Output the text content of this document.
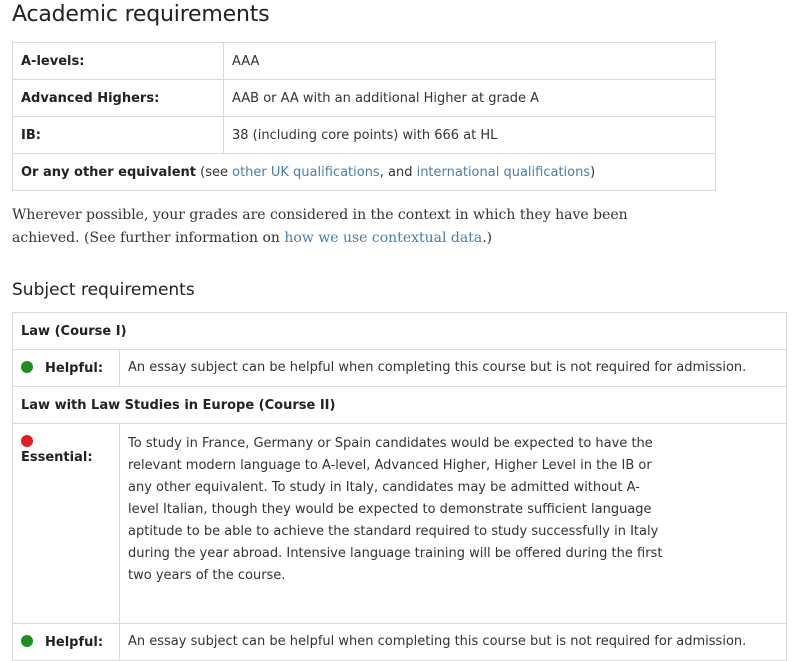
Academic requirements
A-levels:	AAA
Advanced Highers:	AAB or AA with an additional Higher at grade A
IB:	38 (including core points) with 666 at HL
Or any other equivalent (see other UK qualifications, and international qualifications)	

Wherever possible, your grades are considered in the context in which they have been achieved. (See further information on how we use contextual data.)

Subject requirements
Law (Course I)	
Helpful:	An essay subject can be helpful when completing this course but is not required for admission.
Law with Law Studies in Europe (Course II)	
Essential:	To study in France, Germany or Spain candidates would be expected to have the relevant modern language to A-level, Advanced Higher, Higher Level in the IB or any other equivalent. To study in Italy, candidates may be admitted without A-level Italian, though they would be expected to demonstrate sufficient language aptitude to be able to achieve the standard required to study successfully in Italy during the year abroad. Intensive language training will be offered during the first two years of the course.

Helpful:	An essay subject can be helpful when completing this course but is not required for admission.
